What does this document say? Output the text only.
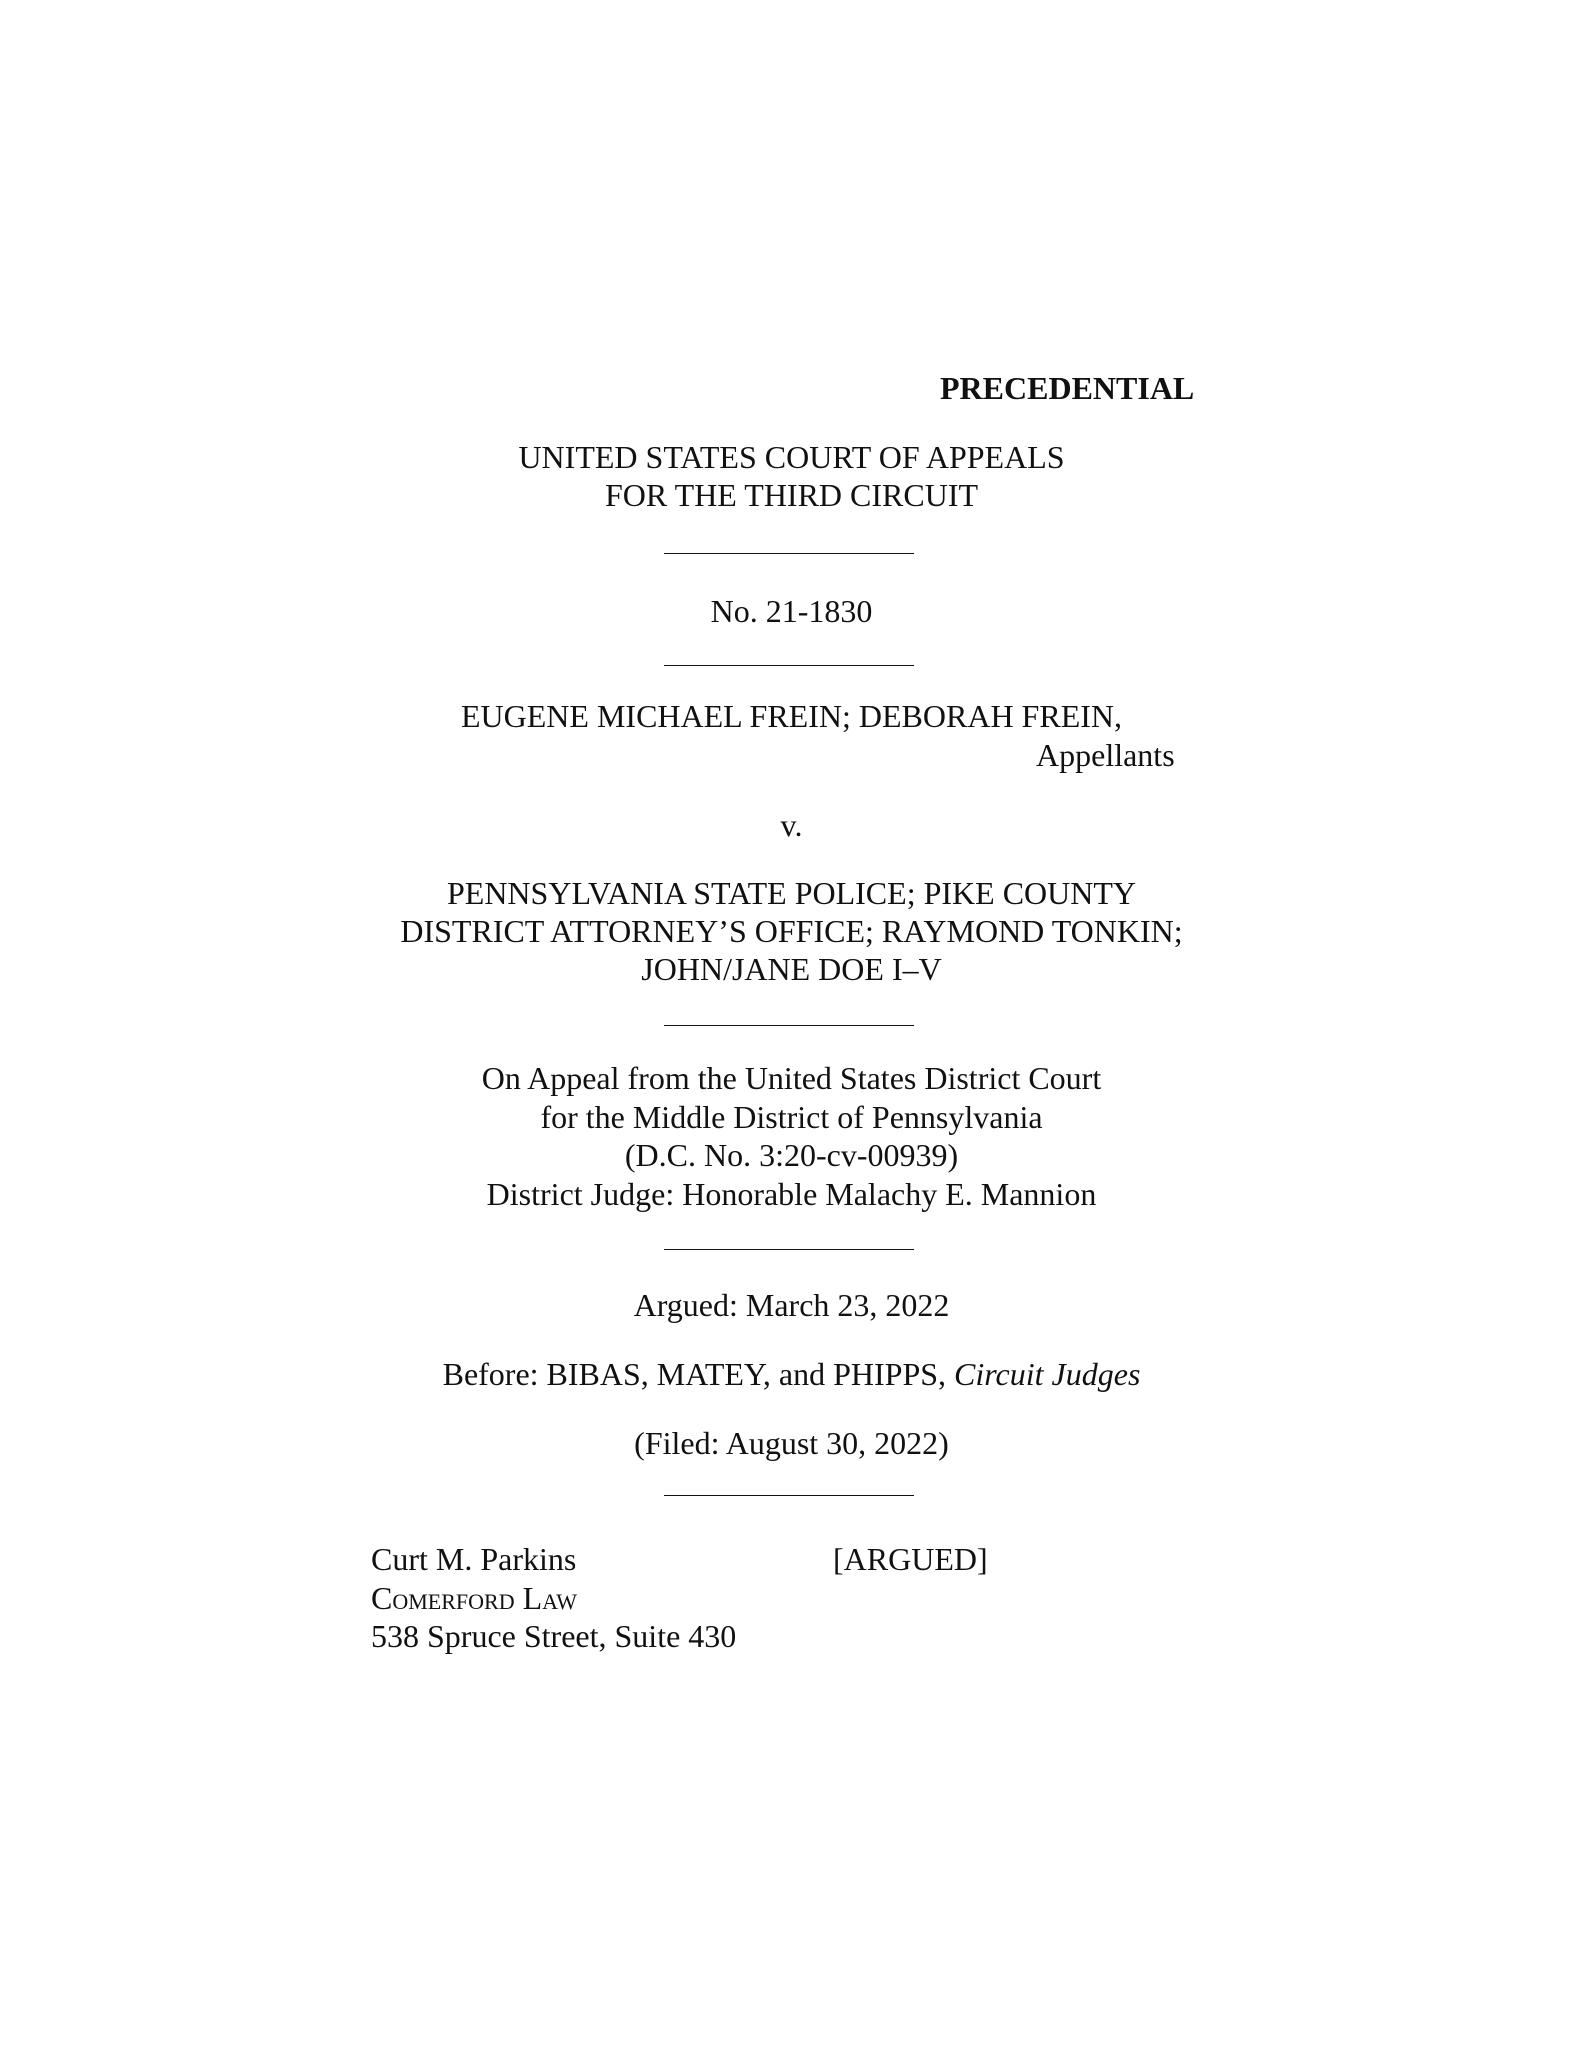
PRECEDENTIAL
UNITED STATES COURT OF APPEALS
FOR THE THIRD CIRCUIT
No. 21-1830
EUGENE MICHAEL FREIN; DEBORAH FREIN,
Appellants
v.
PENNSYLVANIA STATE POLICE; PIKE COUNTY
DISTRICT ATTORNEY’S OFFICE; RAYMOND TONKIN;
JOHN/JANE DOE I–V
On Appeal from the United States District Court
for the Middle District of Pennsylvania
(D.C. No. 3:20-cv-00939)
District Judge: Honorable Malachy E. Mannion
Argued: March 23, 2022
Before: BIBAS, MATEY, and PHIPPS, Circuit Judges
(Filed: August 30, 2022)
Curt M. Parkins	[ARGUED]
Comerford Law
538 Spruce Street, Suite 430
